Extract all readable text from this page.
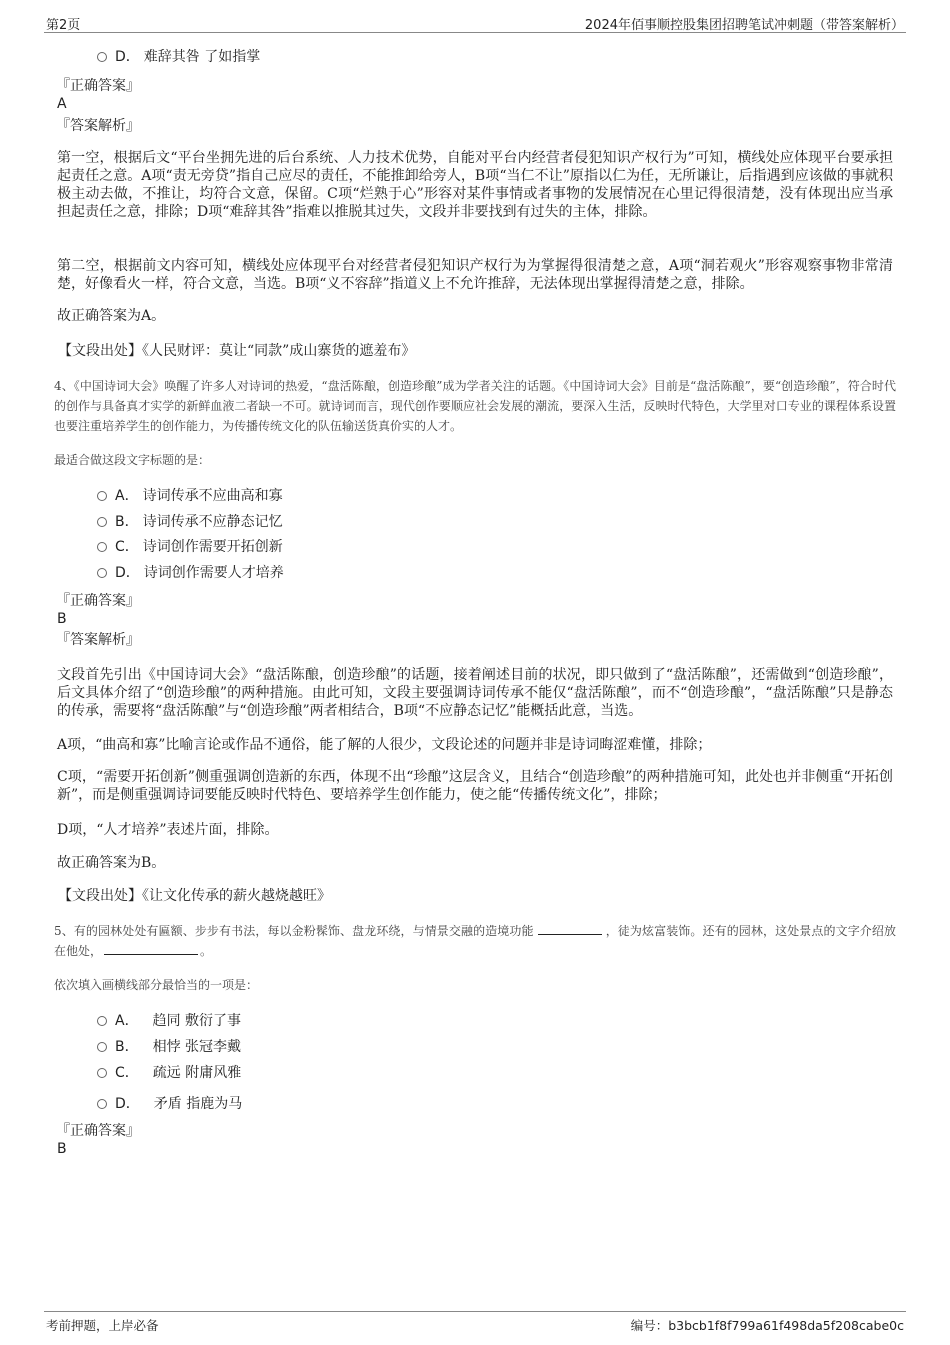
第2页	2024年佰事顺控股集团招聘笔试冲刺题（带答案解析）
D． 难辞其咎 了如指掌
『正确答案』
A
『答案解析』
第一空，根据后文“平台坐拥先进的后台系统、人力技术优势，自能对平台内经营者侵犯知识产权行为”可知，横线处应体现平台要承担起责任之意。A项“责无旁贷”指自己应尽的责任，不能推卸给旁人，B项“当仁不让”原指以仁为任，无所谦让，后指遇到应该做的事就积极主动去做，不推让，均符合文意，保留。C项“烂熟于心”形容对某件事情或者事物的发展情况在心里记得很清楚，没有体现出应当承担起责任之意，排除；D项“难辞其咎”指难以推脱其过失，文段并非要找到有过失的主体，排除。
第二空，根据前文内容可知，横线处应体现平台对经营者侵犯知识产权行为为掌握得很清楚之意，A项“洞若观火”形容观察事物非常清楚，好像看火一样，符合文意，当选。B项“义不容辞”指道义上不允许推辞，无法体现出掌握得清楚之意，排除。
故正确答案为A。
【文段出处】《人民财评：莫让“同款”成山寨货的遮羞布》
4、《中国诗词大会》唤醒了许多人对诗词的热爱，“盘活陈酿，创造珍酿”成为学者关注的话题。《中国诗词大会》目前是“盘活陈酿”，要“创造珍酿”，符合时代的创作与具备真才实学的新鲜血液二者缺一不可。就诗词而言，现代创作要顺应社会发展的潮流，要深入生活，反映时代特色，大学里对口专业的课程体系设置也要注重培养学生的创作能力，为传播传统文化的队伍输送货真价实的人才。
最适合做这段文字标题的是：
A． 诗词传承不应曲高和寡
B． 诗词传承不应静态记忆
C． 诗词创作需要开拓创新
D． 诗词创作需要人才培养
『正确答案』
B
『答案解析』
文段首先引出《中国诗词大会》“盘活陈酿，创造珍酿”的话题，接着阐述目前的状况，即只做到了“盘活陈酿”，还需做到“创造珍酿”，后文具体介绍了“创造珍酿”的两种措施。由此可知，文段主要强调诗词传承不能仅“盘活陈酿”，而不“创造珍酿”，“盘活陈酿”只是静态的传承，需要将“盘活陈酿”与“创造珍酿”两者相结合，B项“不应静态记忆”能概括此意，当选。
A项，“曲高和寡”比喻言论或作品不通俗，能了解的人很少，文段论述的问题并非是诗词晦涩难懂，排除；
C项，“需要开拓创新”侧重强调创造新的东西，体现不出“珍酿”这层含义，且结合“创造珍酿”的两种措施可知，此处也并非侧重“开拓创新”，而是侧重强调诗词要能反映时代特色、要培养学生创作能力，使之能“传播传统文化”，排除；
D项，“人才培养”表述片面，排除。
故正确答案为B。
【文段出处】《让文化传承的薪火越烧越旺》
5、有的园林处处有匾额、步步有书法，每以金粉髹饰、盘龙环绕，与情景交融的造境功能	，徒为炫富装饰。还有的园林，这处景点的文字介绍放在他处，	。
依次填入画横线部分最恰当的一项是：
A． 趋同 敷衍了事
B． 相悖 张冠李戴
C． 疏远 附庸风雅
D． 矛盾 指鹿为马
『正确答案』
B
考前押题，上岸必备	编号：b3bcb1f8f799a61f498da5f208cabe0c
